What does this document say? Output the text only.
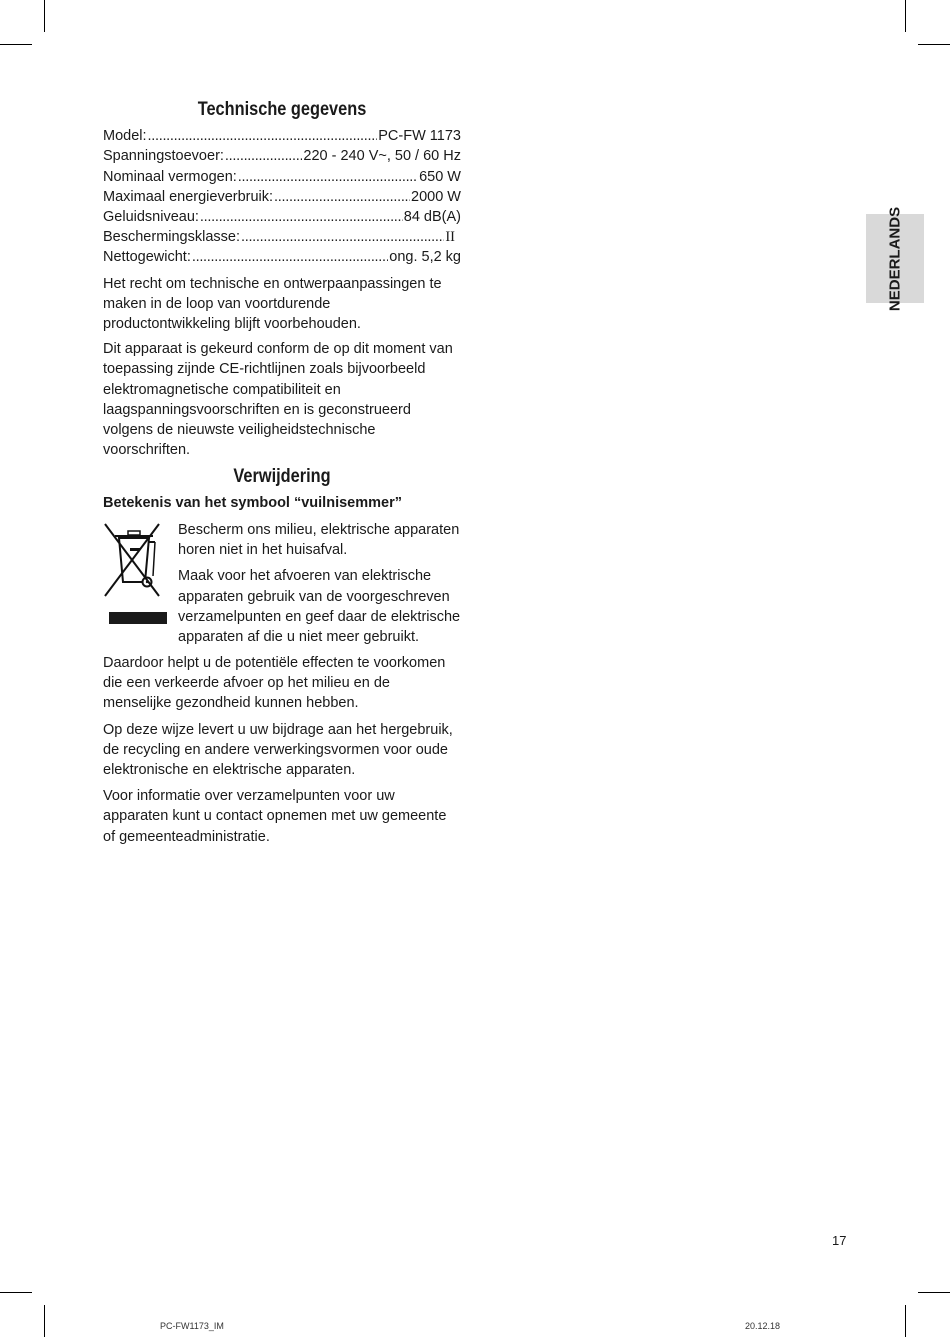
Technische gegevens
Model: .....	PC-FW 1173
Spanningstoevoer: .....	220 - 240 V~, 50 / 60 Hz
Nominaal vermogen: .....	650 W
Maximaal energieverbruik: .....	2000 W
Geluidsniveau: .....	84 dB(A)
Beschermingsklasse: .....	II
Nettogewicht: .....	ong. 5,2 kg

Het recht om technische en ontwerpaanpassingen te maken in de loop van voortdurende productontwikkeling blijft voorbehouden.

Dit apparaat is gekeurd conform de op dit moment van toepassing zijnde CE-richtlijnen zoals bijvoorbeeld elektromagnetische compatibiliteit en laagspanningsvoorschriften en is geconstrueerd volgens de nieuwste veiligheidstechnische voorschriften.

Verwijdering

Betekenis van het symbool “vuilnisemmer”

Bescherm ons milieu, elektrische apparaten horen niet in het huisafval.

Maak voor het afvoeren van elektrische apparaten gebruik van de voorgeschreven verzamelpunten en geef daar de elektrische apparaten af die u niet meer gebruikt.

Daardoor helpt u de potentiële effecten te voorkomen die een verkeerde afvoer op het milieu en de menselijke gezondheid kunnen hebben.

Op deze wijze levert u uw bijdrage aan het hergebruik, de recycling en andere verwerkingsvormen voor oude elektronische en elektrische apparaten.

Voor informatie over verzamelpunten voor uw apparaten kunt u contact opnemen met uw gemeente of gemeenteadministratie.

NEDERLANDS
17
PC-FW1173_IM	20.12.18
